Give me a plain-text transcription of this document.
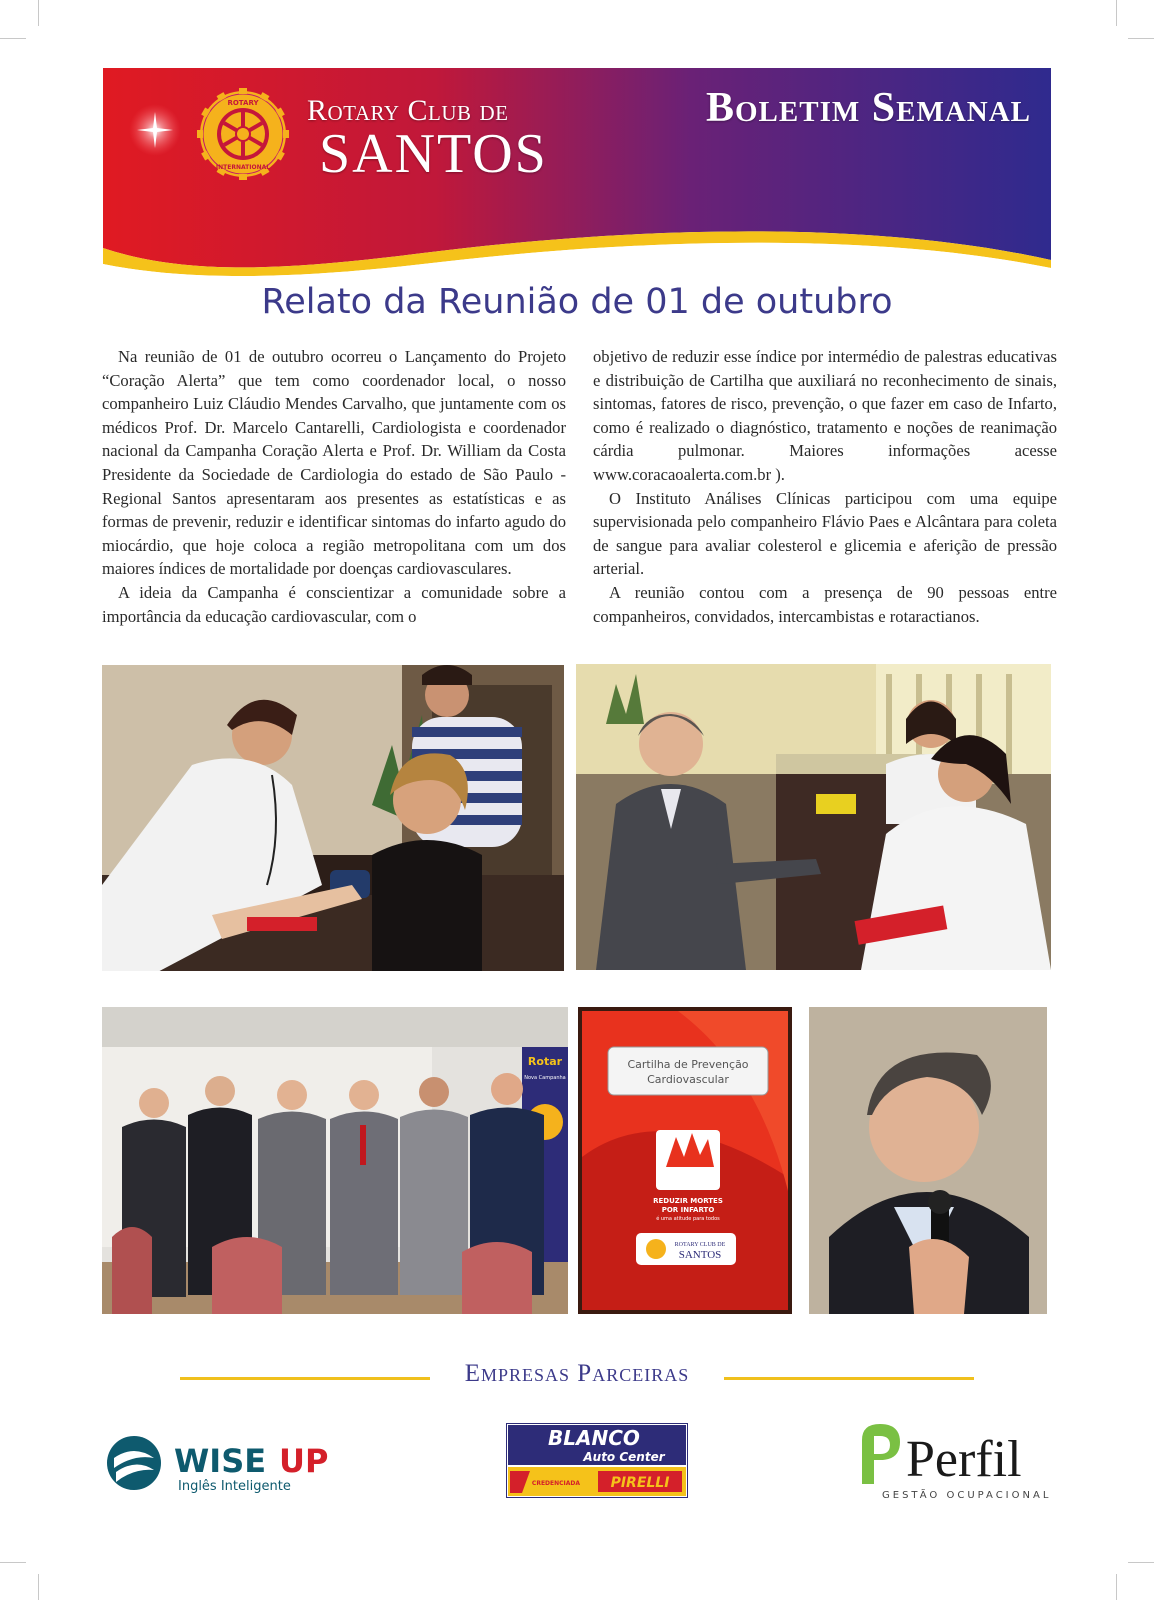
ROTARY
INTERNATIONAL
Rotary Club de
SANTOS
Boletim Semanal
Relato da Reunião de 01 de outubro

Na reunião de 01 de outubro ocorreu o Lançamento do Projeto “Coração Alerta” que tem como coordenador local, o nosso companheiro Luiz Cláudio Mendes Carvalho, que juntamente com os médicos Prof. Dr. Marcelo Cantarelli, Cardiologista e coordenador nacional da Campanha Coração Alerta e Prof. Dr. William da Costa Presidente da Sociedade de Cardiologia do estado de São Paulo - Regional Santos apresentaram aos presentes as estatísticas e as formas de prevenir, reduzir e identificar sintomas do infarto agudo do miocárdio, que hoje coloca a região metropolitana com um dos maiores índices de mortalidade por doenças cardiovasculares.

A ideia da Campanha é conscientizar a comunidade sobre a importância da educação cardiovascular, com o

objetivo de reduzir esse índice por intermédio de palestras educativas e distribuição de Cartilha que auxiliará no reconhecimento de sinais, sintomas, fatores de risco, prevenção, o que fazer em caso de Infarto, como é realizado o diagnóstico, tratamento e noções de reanimação cárdia pulmonar. Maiores informações acesse www.coracaoalerta.com.br ).

O Instituto Análises Clínicas participou com uma equipe supervisionada pelo companheiro Flávio Paes e Alcântara para coleta de sangue para avaliar colesterol e glicemia e aferição de pressão arterial.

A reunião contou com a presença de 90 pessoas entre companheiros, convidados, intercambistas e rotaractianos.

Rotar
Nova Campanha
Cartilha de Prevenção
Cardiovascular
CORAÇÃO
ALERTA
REDUZIR MORTES
POR INFARTO
é uma atitude para todos
ROTARY CLUB DE
SANTOS
Empresas Parceiras
WISE UP
Inglês Inteligente
BLANCO
Auto Center
CREDENCIADA PIRELLI	Perfil
GESTÃO OCUPACIONAL
